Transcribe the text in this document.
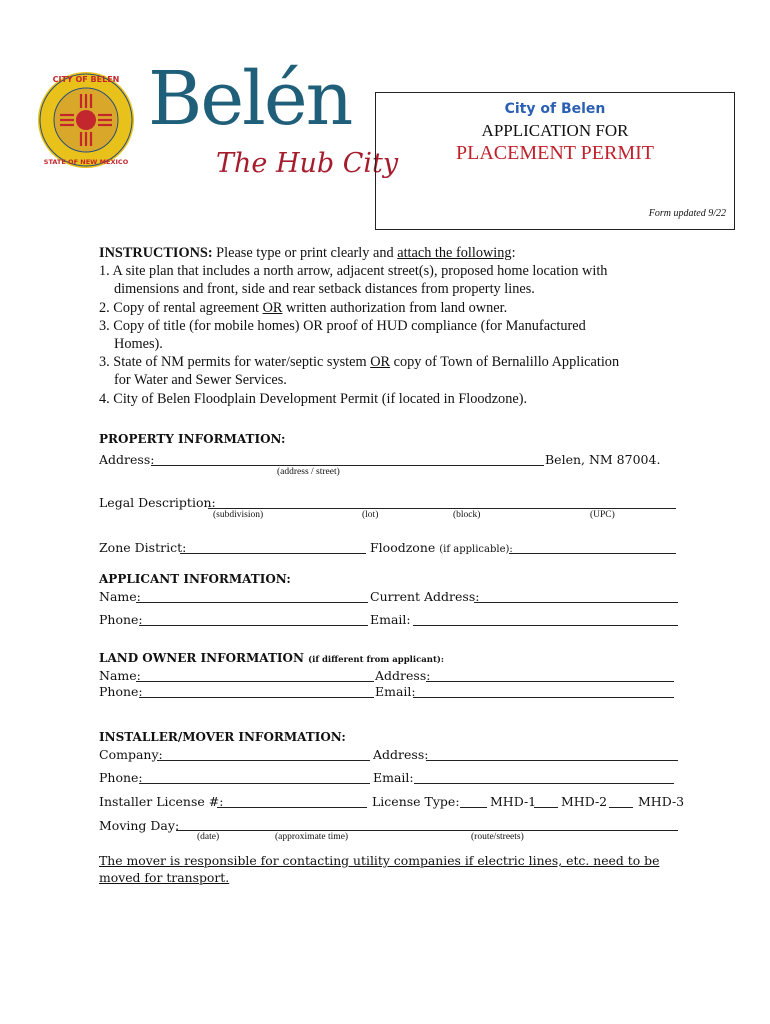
CITY OF BELEN
STATE OF NEW MEXICO
Belén
The Hub City
City of Belen
APPLICATION FOR
PLACEMENT PERMIT
Form updated 9/22
INSTRUCTIONS: Please type or print clearly and attach the following:
1. A site plan that includes a north arrow, adjacent street(s), proposed home location with
dimensions and front, side and rear setback distances from property lines.
2. Copy of rental agreement OR written authorization from land owner.
3. Copy of title (for mobile homes) OR proof of HUD compliance (for Manufactured
Homes).
3. State of NM permits for water/septic system OR copy of Town of Bernalillo Application
for Water and Sewer Services.
4. City of Belen Floodplain Development Permit (if located in Floodzone).
PROPERTY INFORMATION:
Address:	Belen, NM 87004.
(address / street)
Legal Description:
(subdivision)	(lot)	(block)	(UPC)
Zone District:	Floodzone (if applicable):
APPLICANT INFORMATION:
Name:	Current Address:
Phone:	Email:
LAND OWNER INFORMATION (if different from applicant):
Name:	Address:
Phone:	Email:
INSTALLER/MOVER INFORMATION:
Company:	Address:
Phone:	Email:
Installer License #:	License Type: MHD-1 MHD-2 MHD-3
Moving Day:
(date)	(approximate time)	(route/streets)
The mover is responsible for contacting utility companies if electric lines, etc. need to be moved for transport.
